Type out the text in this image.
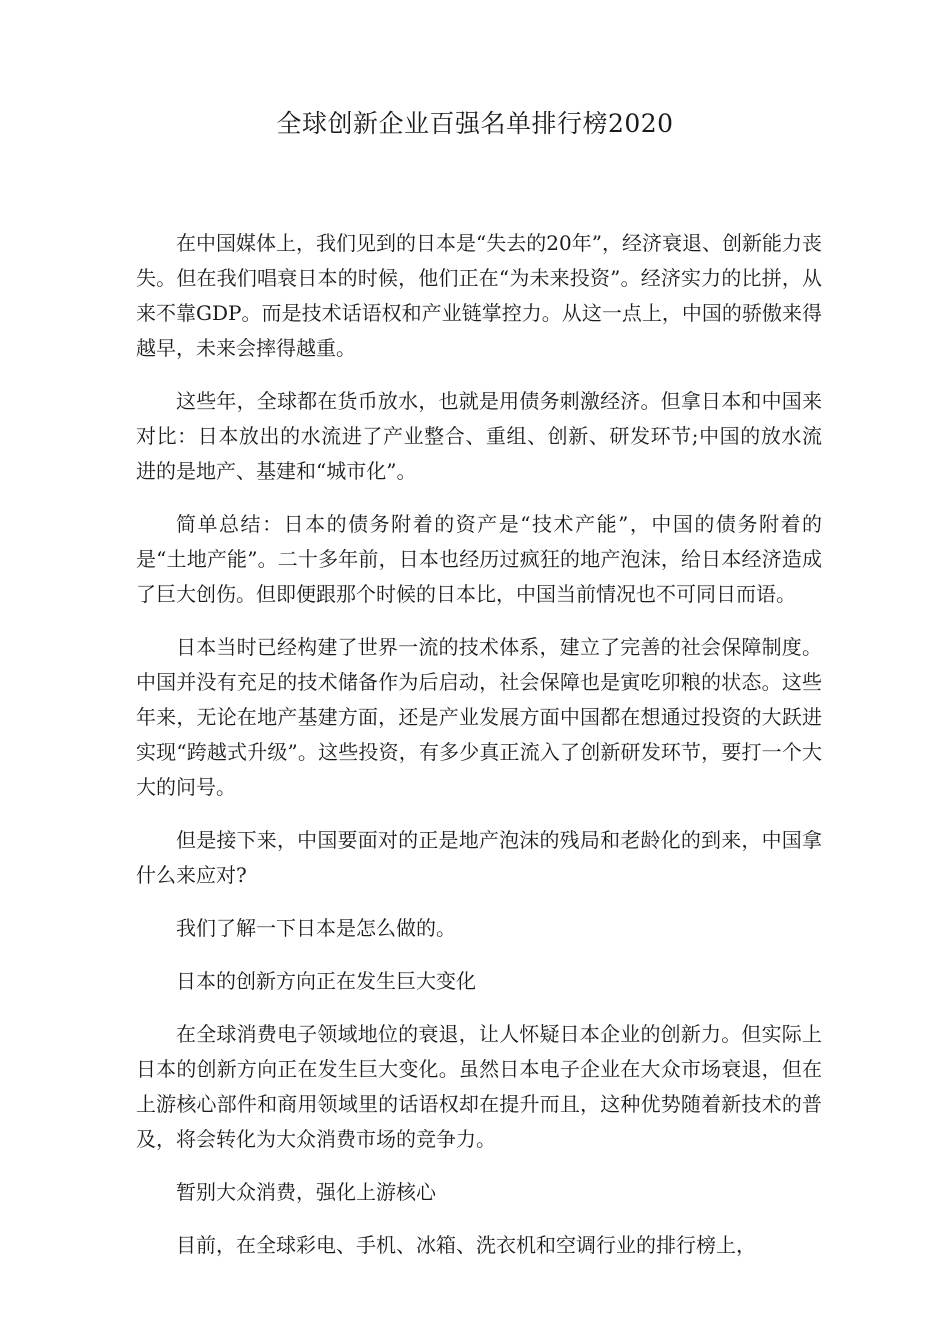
全球创新企业百强名单排行榜2020

在中国媒体上，我们见到的日本是“失去的20年”，经济衰退、创新能力丧失。但在我们唱衰日本的时候，他们正在“为未来投资”。经济实力的比拼，从来不靠GDP。而是技术话语权和产业链掌控力。从这一点上，中国的骄傲来得越早，未来会摔得越重。

这些年，全球都在货币放水，也就是用债务刺激经济。但拿日本和中国来对比：日本放出的水流进了产业整合、重组、创新、研发环节;中国的放水流进的是地产、基建和“城市化”。

简单总结：日本的债务附着的资产是“技术产能”，中国的债务附着的是“土地产能”。二十多年前，日本也经历过疯狂的地产泡沫，给日本经济造成了巨大创伤。但即便跟那个时候的日本比，中国当前情况也不可同日而语。

日本当时已经构建了世界一流的技术体系，建立了完善的社会保障制度。中国并没有充足的技术储备作为后启动，社会保障也是寅吃卯粮的状态。这些年来，无论在地产基建方面，还是产业发展方面中国都在想通过投资的大跃进实现“跨越式升级”。这些投资，有多少真正流入了创新研发环节，要打一个大大的问号。

但是接下来，中国要面对的正是地产泡沫的残局和老龄化的到来，中国拿什么来应对?

我们了解一下日本是怎么做的。

日本的创新方向正在发生巨大变化

在全球消费电子领域地位的衰退，让人怀疑日本企业的创新力。但实际上日本的创新方向正在发生巨大变化。虽然日本电子企业在大众市场衰退，但在上游核心部件和商用领域里的话语权却在提升而且，这种优势随着新技术的普及，将会转化为大众消费市场的竞争力。

暂别大众消费，强化上游核心

目前，在全球彩电、手机、冰箱、洗衣机和空调行业的排行榜上，
